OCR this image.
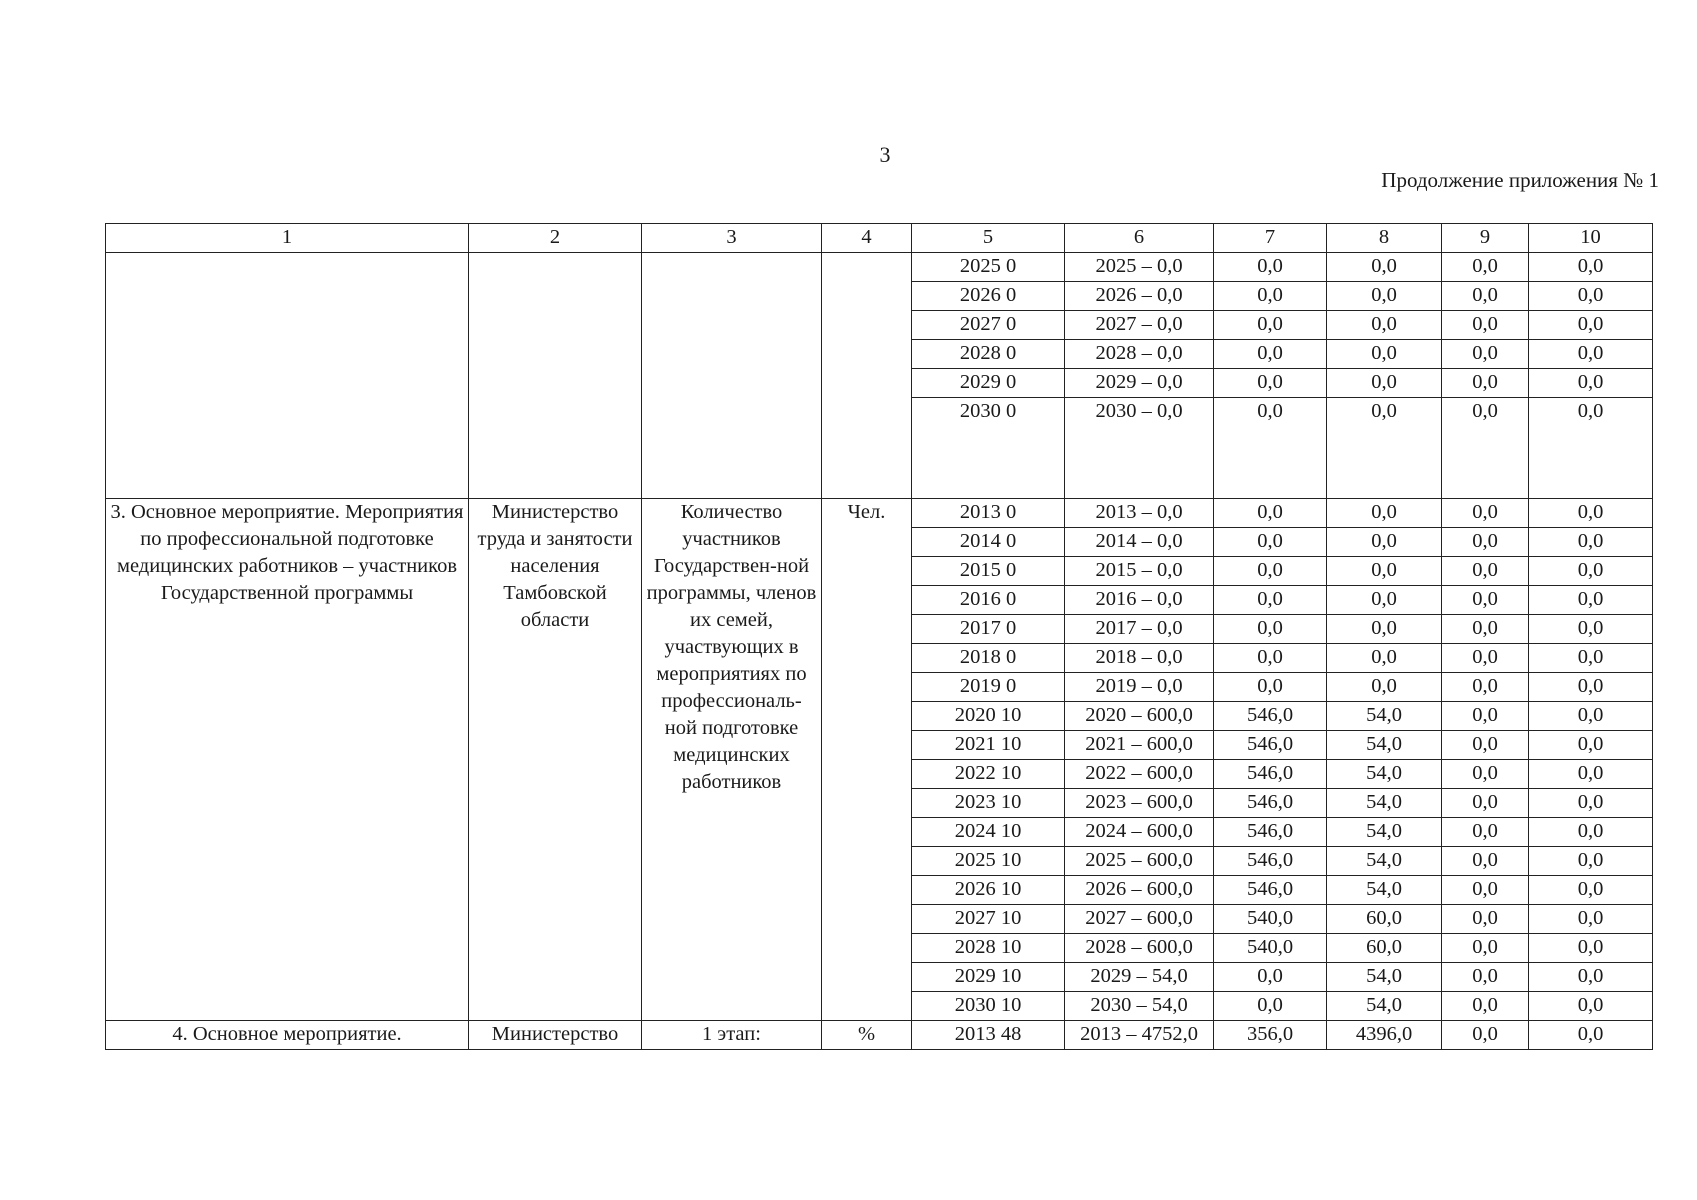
3
Продолжение приложения № 1
1	2	3	4	5	6	7	8	9	10
				2025 0	2025 – 0,0	0,0	0,0	0,0	0,0
				2026 0	2026 – 0,0	0,0	0,0	0,0	0,0
				2027 0	2027 – 0,0	0,0	0,0	0,0	0,0
				2028 0	2028 – 0,0	0,0	0,0	0,0	0,0
				2029 0	2029 – 0,0	0,0	0,0	0,0	0,0
				2030 0	2030 – 0,0	0,0	0,0	0,0	0,0
3. Основное мероприятие. Мероприятия по профессиональной подготовке медицинских работников – участников Государственной программы	Министерство труда и занятости населения Тамбовской области	Количество участников Государствен-ной программы, членов их семей, участвующих в мероприятиях по профессиональ-ной подготовке медицинских работников	Чел.	2013 0	2013 – 0,0	0,0	0,0	0,0	0,0
				2014 0	2014 – 0,0	0,0	0,0	0,0	0,0
				2015 0	2015 – 0,0	0,0	0,0	0,0	0,0
				2016 0	2016 – 0,0	0,0	0,0	0,0	0,0
				2017 0	2017 – 0,0	0,0	0,0	0,0	0,0
				2018 0	2018 – 0,0	0,0	0,0	0,0	0,0
				2019 0	2019 – 0,0	0,0	0,0	0,0	0,0
				2020 10	2020 – 600,0	546,0	54,0	0,0	0,0
				2021 10	2021 – 600,0	546,0	54,0	0,0	0,0
				2022 10	2022 – 600,0	546,0	54,0	0,0	0,0
				2023 10	2023 – 600,0	546,0	54,0	0,0	0,0
				2024 10	2024 – 600,0	546,0	54,0	0,0	0,0
				2025 10	2025 – 600,0	546,0	54,0	0,0	0,0
				2026 10	2026 – 600,0	546,0	54,0	0,0	0,0
				2027 10	2027 – 600,0	540,0	60,0	0,0	0,0
				2028 10	2028 – 600,0	540,0	60,0	0,0	0,0
				2029 10	2029 – 54,0	0,0	54,0	0,0	0,0
				2030 10	2030 – 54,0	0,0	54,0	0,0	0,0
4. Основное мероприятие.	Министерство	1 этап:	%	2013 48	2013 – 4752,0	356,0	4396,0	0,0	0,0
